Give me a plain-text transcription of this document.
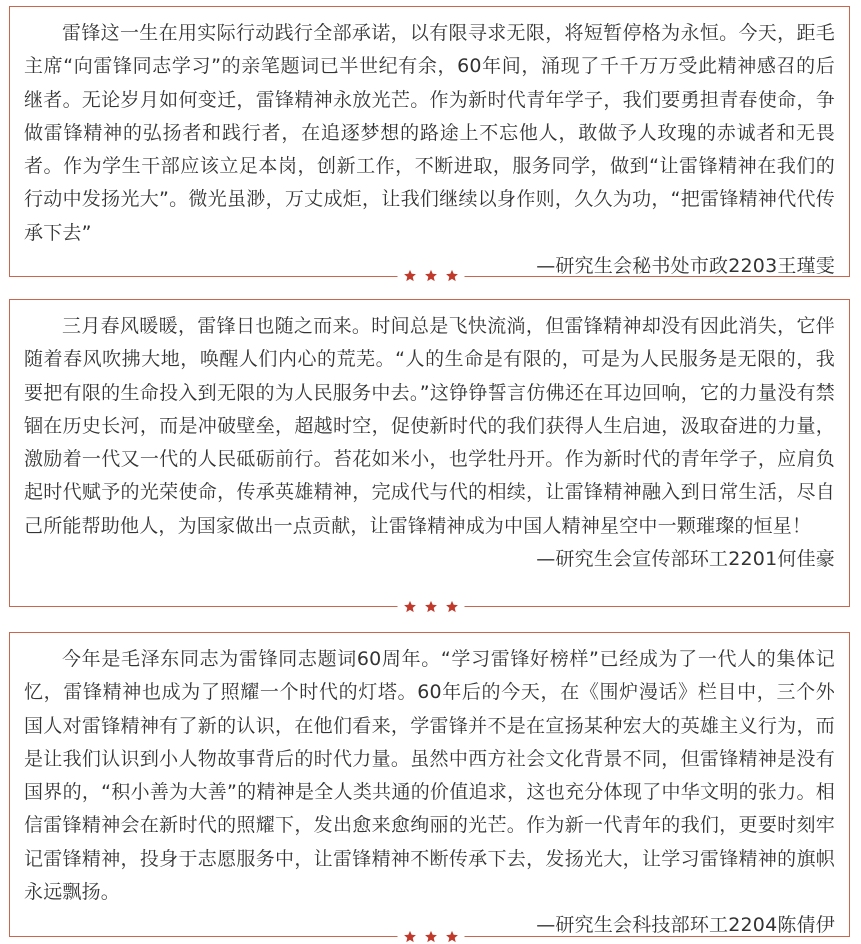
雷锋这一生在用实际行动践行全部承诺，以有限寻求无限，将短暂停格为永恒。今天，距毛主席“向雷锋同志学习”的亲笔题词已半世纪有余，60年间，涌现了千千万万受此精神感召的后继者。无论岁月如何变迁，雷锋精神永放光芒。作为新时代青年学子，我们要勇担青春使命，争做雷锋精神的弘扬者和践行者，在追逐梦想的路途上不忘他人，敢做予人玫瑰的赤诚者和无畏者。作为学生干部应该立足本岗，创新工作，不断进取，服务同学，做到“让雷锋精神在我们的行动中发扬光大”。微光虽渺，万丈成炬，让我们继续以身作则，久久为功，“把雷锋精神代代传承下去”

—研究生会秘书处市政2203王瑾雯

三月春风暖暖，雷锋日也随之而来。时间总是飞快流淌，但雷锋精神却没有因此消失，它伴随着春风吹拂大地，唤醒人们内心的荒芜。“人的生命是有限的，可是为人民服务是无限的，我要把有限的生命投入到无限的为人民服务中去。”这铮铮誓言仿佛还在耳边回响，它的力量没有禁锢在历史长河，而是冲破壁垒，超越时空，促使新时代的我们获得人生启迪，汲取奋进的力量，激励着一代又一代的人民砥砺前行。苔花如米小，也学牡丹开。作为新时代的青年学子，应肩负起时代赋予的光荣使命，传承英雄精神，完成代与代的相续，让雷锋精神融入到日常生活，尽自己所能帮助他人，为国家做出一点贡献，让雷锋精神成为中国人精神星空中一颗璀璨的恒星！

—研究生会宣传部环工2201何佳豪

今年是毛泽东同志为雷锋同志题词60周年。“学习雷锋好榜样”已经成为了一代人的集体记忆，雷锋精神也成为了照耀一个时代的灯塔。60年后的今天，在《围炉漫话》栏目中，三个外国人对雷锋精神有了新的认识，在他们看来，学雷锋并不是在宣扬某种宏大的英雄主义行为，而是让我们认识到小人物故事背后的时代力量。虽然中西方社会文化背景不同，但雷锋精神是没有国界的，“积小善为大善”的精神是全人类共通的价值追求，这也充分体现了中华文明的张力。相信雷锋精神会在新时代的照耀下，发出愈来愈绚丽的光芒。作为新一代青年的我们，更要时刻牢记雷锋精神，投身于志愿服务中，让雷锋精神不断传承下去，发扬光大，让学习雷锋精神的旗帜永远飘扬。

—研究生会科技部环工2204陈倩伊
